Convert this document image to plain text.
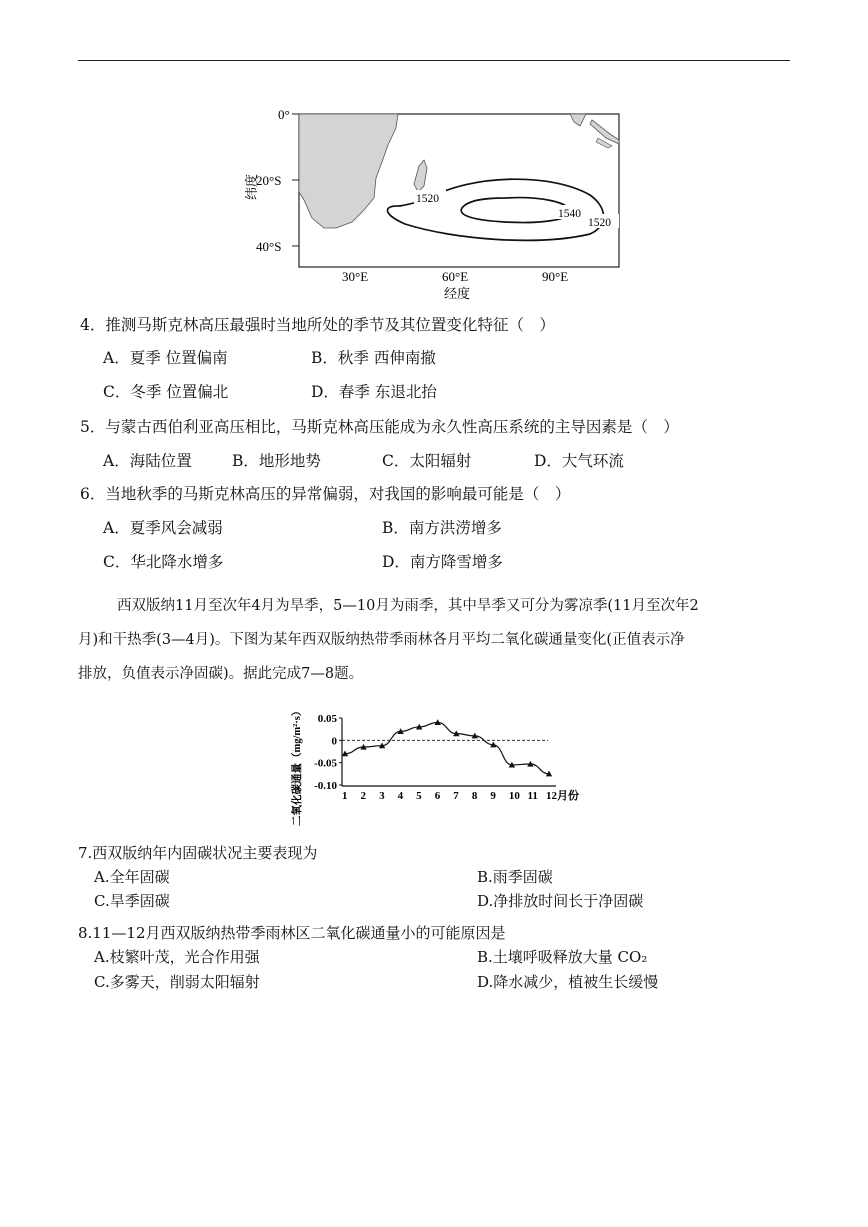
1520
1540
1520
0°
20°S
40°S
30°E	60°E	90°E
经度
纬度
4．推测马斯克林高压最强时当地所处的季节及其位置变化特征（　）
A．夏季 位置偏南	B．秋季 西伸南撤
C．冬季 位置偏北	D．春季 东退北抬
5．与蒙古西伯利亚高压相比，马斯克林高压能成为永久性高压系统的主导因素是（　）
A．海陆位置	B．地形地势	C．太阳辐射	D．大气环流
6．当地秋季的马斯克林高压的异常偏弱，对我国的影响最可能是（　）
A．夏季风会减弱	B．南方洪涝增多
C．华北降水增多	D．南方降雪增多
西双版纳11月至次年4月为旱季，5—10月为雨季，其中旱季又可分为雾凉季(11月至次年2
月)和干热季(3—4月)。下图为某年西双版纳热带季雨林各月平均二氧化碳通量变化(正值表示净
排放，负值表示净固碳)。据此完成7—8题。
二氧化碳通量（mg/m²·s） 0.05
0
-0.05
-0.10
1 2 3 4 5 6 7 8 9 10 11 12月份
7.西双版纳年内固碳状况主要表现为
A.全年固碳	B.雨季固碳
C.旱季固碳	D.净排放时间长于净固碳
8.11—12月西双版纳热带季雨林区二氧化碳通量小的可能原因是
A.枝繁叶茂，光合作用强	B.土壤呼吸释放大量 CO₂
C.多雾天，削弱太阳辐射	D.降水减少，植被生长缓慢
